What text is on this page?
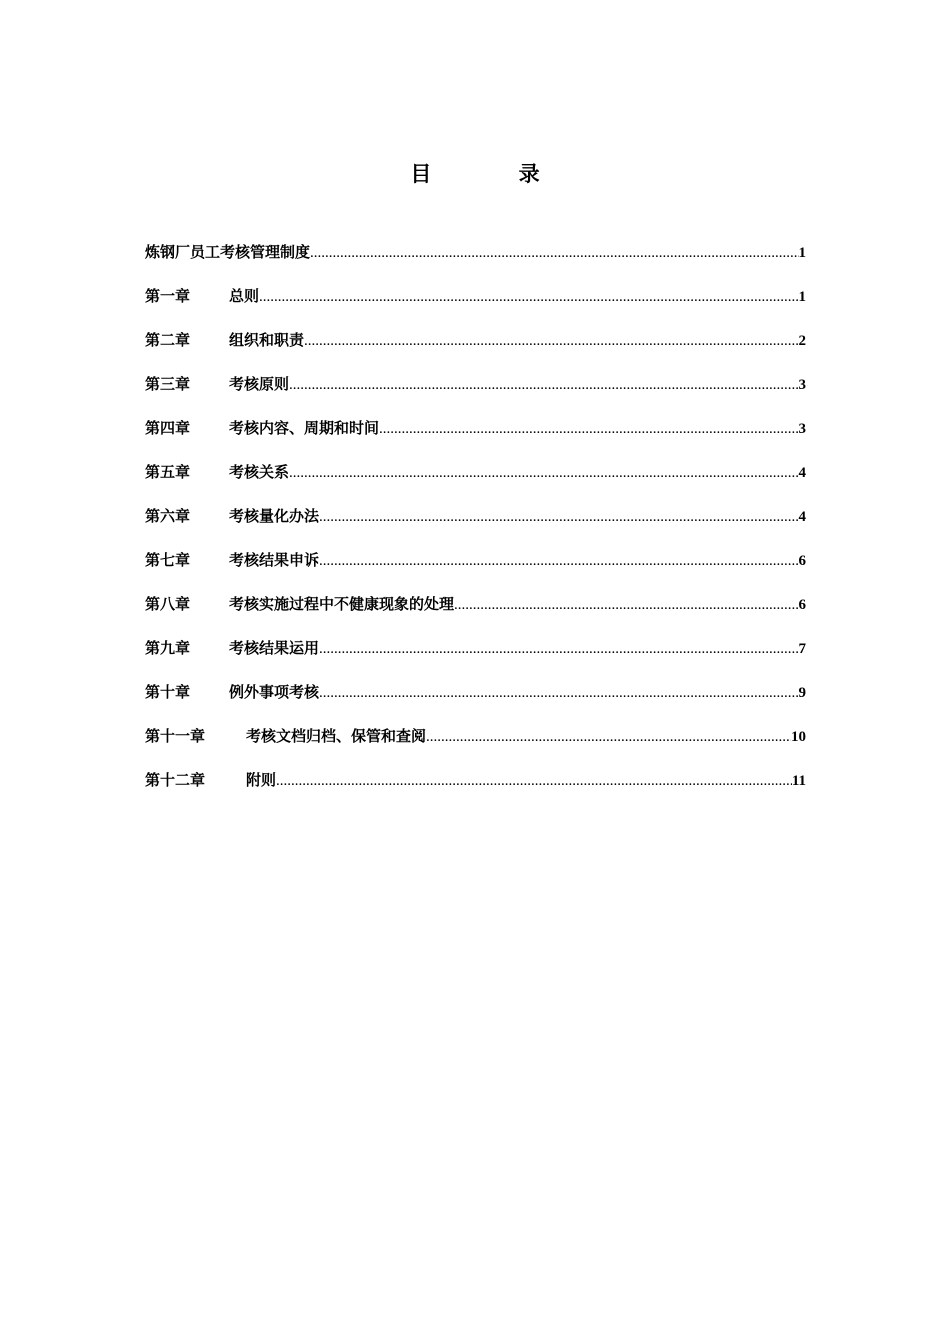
目 录
炼钢厂员工考核管理制度 .....	1
第一章	总则 .....	1
第二章	组织和职责 .....	2
第三章	考核原则 .....	3
第四章	考核内容、周期和时间 .....	3
第五章	考核关系 .....	4
第六章	考核量化办法 .....	4
第七章	考核结果申诉 .....	6
第八章	考核实施过程中不健康现象的处理 .....	6
第九章	考核结果运用 .....	7
第十章	例外事项考核 .....	9
第十一章	考核文档归档、保管和查阅 .....	10
第十二章	附则 .....	11
